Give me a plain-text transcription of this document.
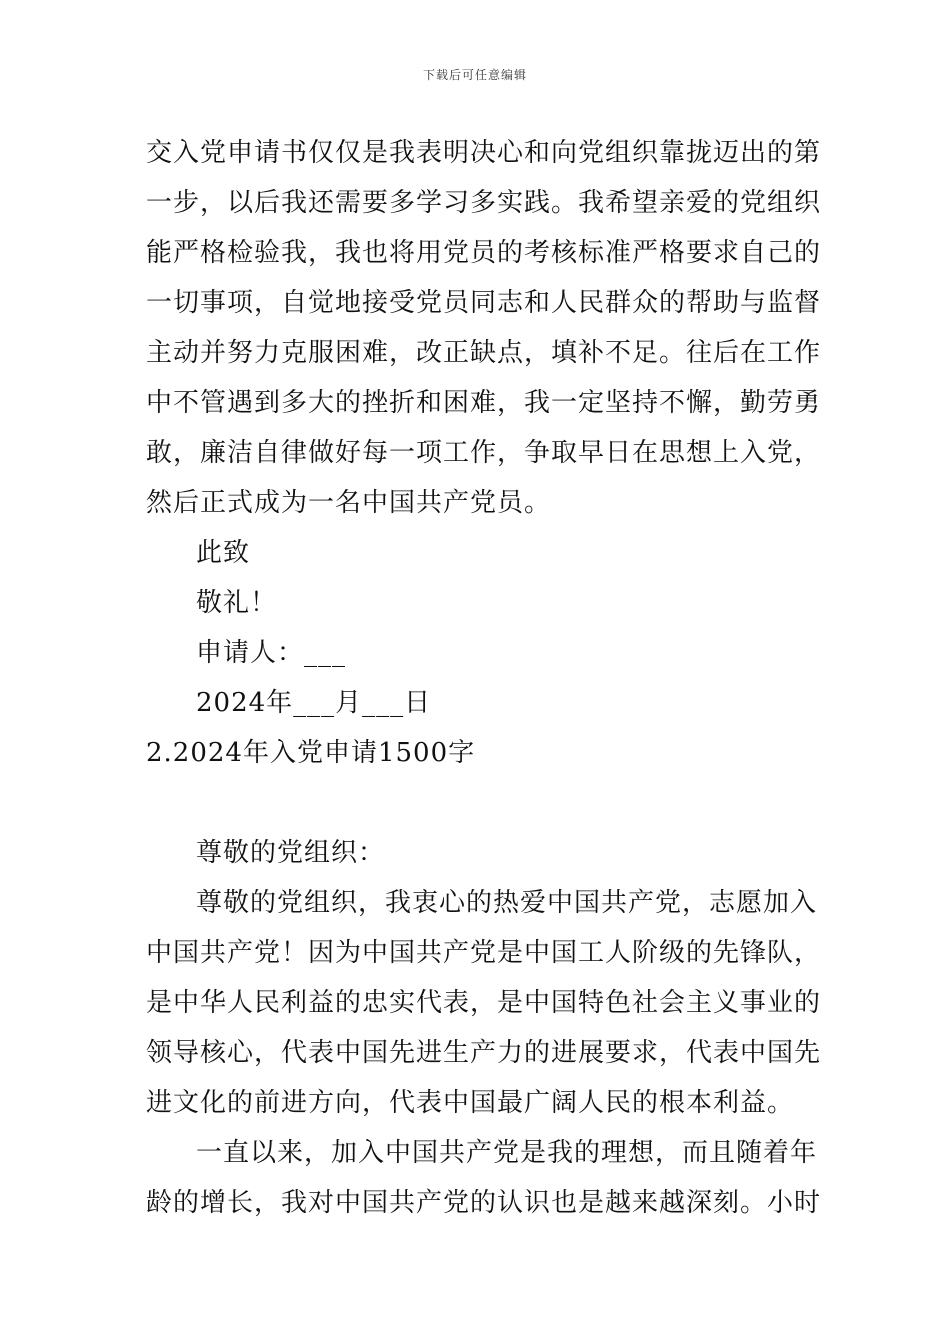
下载后可任意编辑
交入党申请书仅仅是我表明决心和向党组织靠拢迈出的第
一步，以后我还需要多学习多实践。我希望亲爱的党组织
能严格检验我，我也将用党员的考核标准严格要求自己的
一切事项，自觉地接受党员同志和人民群众的帮助与监督
主动并努力克服困难，改正缺点，填补不足。往后在工作
中不管遇到多大的挫折和困难，我一定坚持不懈，勤劳勇
敢，廉洁自律做好每一项工作，争取早日在思想上入党，
然后正式成为一名中国共产党员。
此致
敬礼！
申请人：___
2024年___月___日
2.2024年入党申请1500字
尊敬的党组织：
尊敬的党组织，我衷心的热爱中国共产党，志愿加入
中国共产党！因为中国共产党是中国工人阶级的先锋队，
是中华人民利益的忠实代表，是中国特色社会主义事业的
领导核心，代表中国先进生产力的进展要求，代表中国先
进文化的前进方向，代表中国最广阔人民的根本利益。
一直以来，加入中国共产党是我的理想，而且随着年
龄的增长，我对中国共产党的认识也是越来越深刻。小时
